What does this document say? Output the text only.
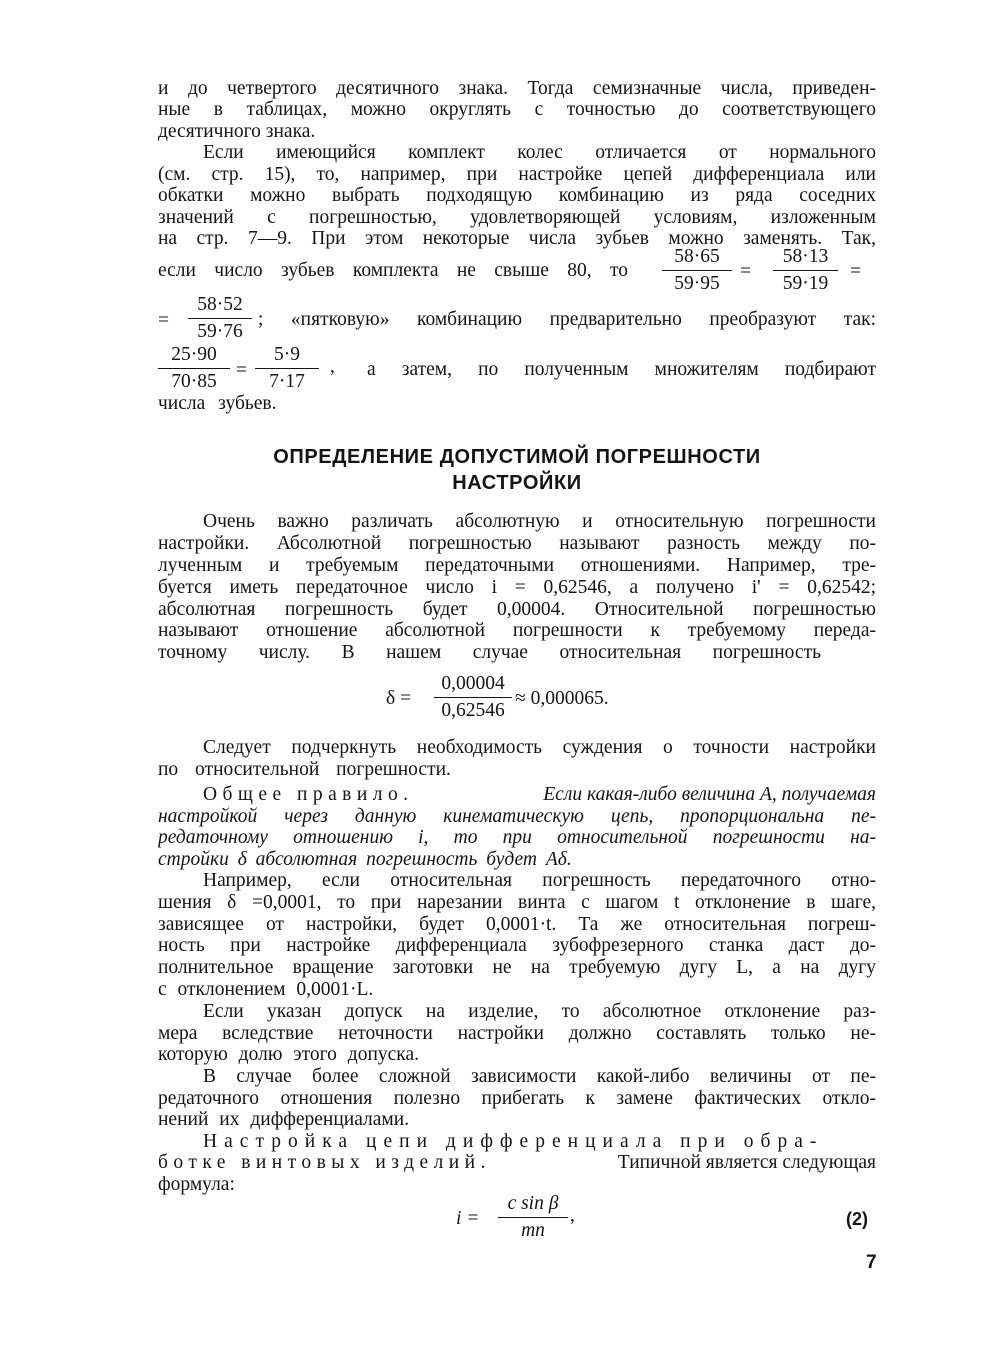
и до четвертого десятичного знака. Тогда семизначные числа, приведен-
ные в таблицах, можно округлять с точностью до соответствующего
десятичного знака.
Если имеющийся комплект колес отличается от нормального
(см. стр. 15), то, например, при настройке цепей дифференциала или
обкатки можно выбрать подходящую комбинацию из ряда соседних
значений с погрешностью, удовлетворяющей условиям, изложенным
на стр. 7—9. При этом некоторые числа зубьев можно заменять. Так,
если число зубьев комплекта не свыше 80, то
58·65
59·95
=
58·13
59·19
=
=
58·52
59·76
; «пятковую» комбинацию предварительно преобразуют так:
25·90
70·85
=
5·9
7·17
, а затем, по полученным множителям подбирают
числа зубьев.
ОПРЕДЕЛЕНИЕ ДОПУСТИМОЙ ПОГРЕШНОСТИ
НАСТРОЙКИ
Очень важно различать абсолютную и относительную погрешности
настройки. Абсолютной погрешностью называют разность между по-
лученным и требуемым передаточными отношениями. Например, тре-
буется иметь передаточное число i = 0,62546, а получено i' = 0,62542;
абсолютная погрешность будет 0,00004. Относительной погрешностью
называют отношение абсолютной погрешности к требуемому переда-
точному числу. В нашем случае относительная погрешность
δ =
0,00004
0,62546
≈ 0,000065.
Следует подчеркнуть необходимость суждения о точности настройки
по относительной погрешности.
Общее правило.	Если какая-либо величина A, получаемая
настройкой через данную кинематическую цепь, пропорциональна пе-
редаточному отношению i, то при относительной погрешности на-
стройки δ абсолютная погрешность будет Aδ.
Например, если относительная погрешность передаточного отно-
шения δ =0,0001, то при нарезании винта с шагом t отклонение в шаге,
зависящее от настройки, будет 0,0001·t. Та же относительная погреш-
ность при настройке дифференциала зубофрезерного станка даст до-
полнительное вращение заготовки не на требуемую дугу L, а на дугу
с отклонением 0,0001·L.
Если указан допуск на изделие, то абсолютное отклонение раз-
мера вследствие неточности настройки должно составлять только не-
которую долю этого допуска.
В случае более сложной зависимости какой-либо величины от пе-
редаточного отношения полезно прибегать к замене фактических откло-
нений их дифференциалами.
Настройка цепи дифференциала при обра-
ботке винтовых изделий.	Типичной является следующая
формула:
i =
c sin β
mn
,	(2)
7
